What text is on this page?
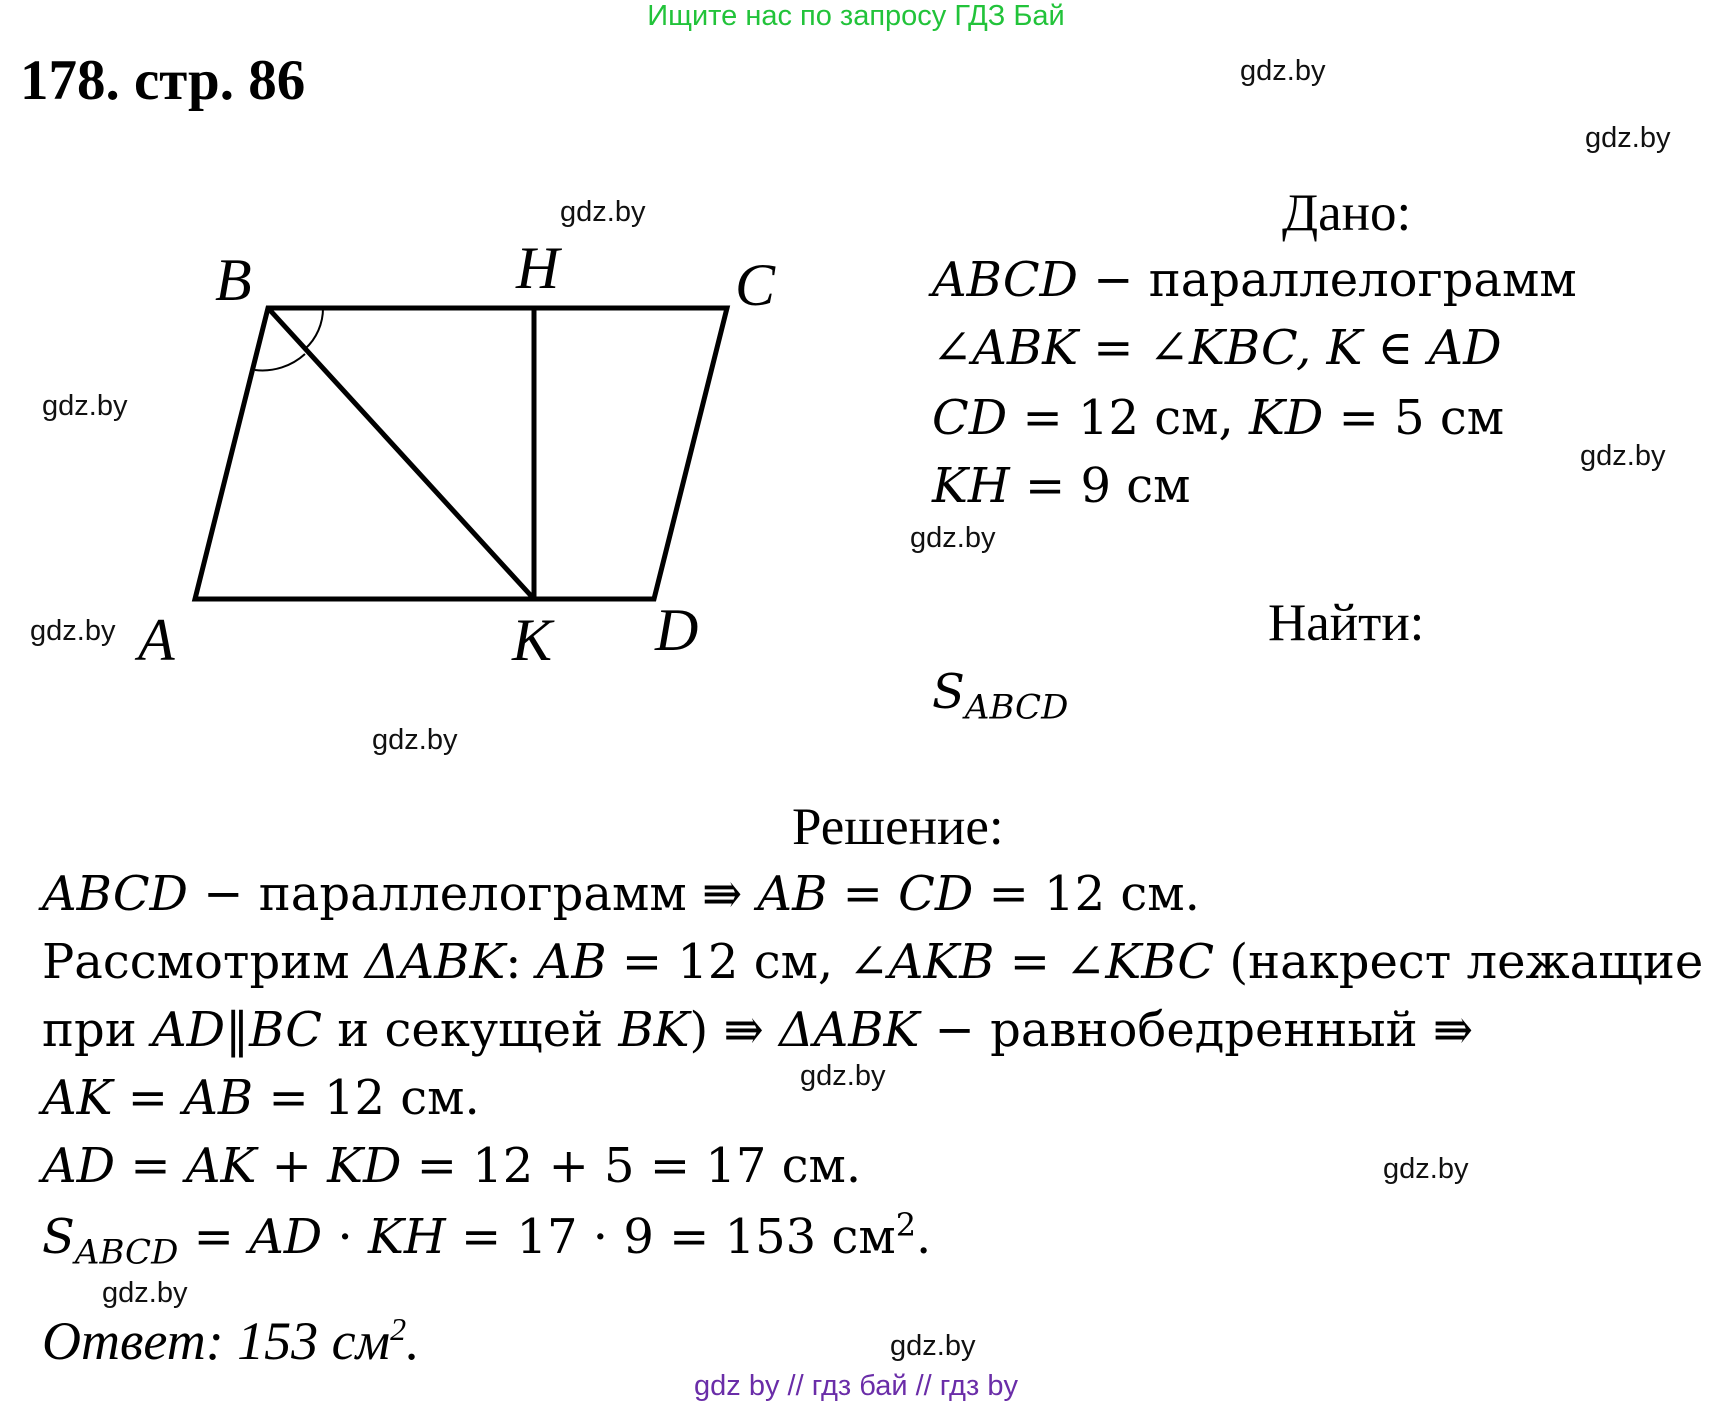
Ищите нас по запросу ГДЗ Бай
178. стр. 86	gdz.by
gdz.by
gdz.by
gdz.by
gdz.by
gdz.by
gdz.by
gdz.by
gdz.by
gdz.by
gdz.by
gdz.by
B	H	C
A	K D
Дано:
ABCD − параллелограмм
∠ABK = ∠KBC, K ∈ AD
CD = 12 см, KD = 5 см
KH = 9 см
Найти:
$S_{ABCD}$
Решение:
ABCD − параллелограмм ⇛ AB = CD = 12 см.
Рассмотрим ΔABK: AB = 12 см, ∠AKB = ∠KBC (накрест лежащие
при AD‖BC и секущей BK) ⇛ ΔABK − равнобедренный ⇛
AK = AB = 12 см.
AD = AK + KD = 12 + 5 = 17 см.
$S_{ABCD}$ = AD · KH = 17 · 9 = 153 $см^2$.
Ответ: 153 $см^2$.
gdz by // гдз бай // гдз by
